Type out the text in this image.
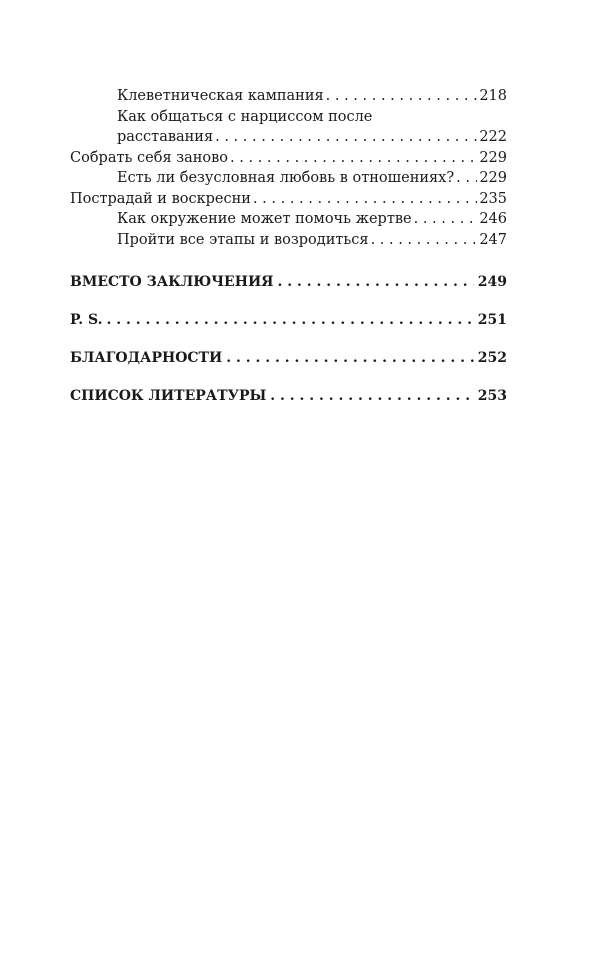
Клеветническая кампания . . .	218
Как общаться с нарциссом после
расставания . . .	222
Собрать себя заново . . .	229
Есть ли безусловная любовь в отношениях? . . . 229
Пострадай и воскресни . . .	235
Как окружение может помочь жертве . . .	246
Пройти все этапы и возродиться . . .	247
ВМЕСТО ЗАКЛЮЧЕНИЯ . . .	249
P. S. . . .	251
БЛАГОДАРНОСТИ . . .	252
СПИСОК ЛИТЕРАТУРЫ . . .	253
